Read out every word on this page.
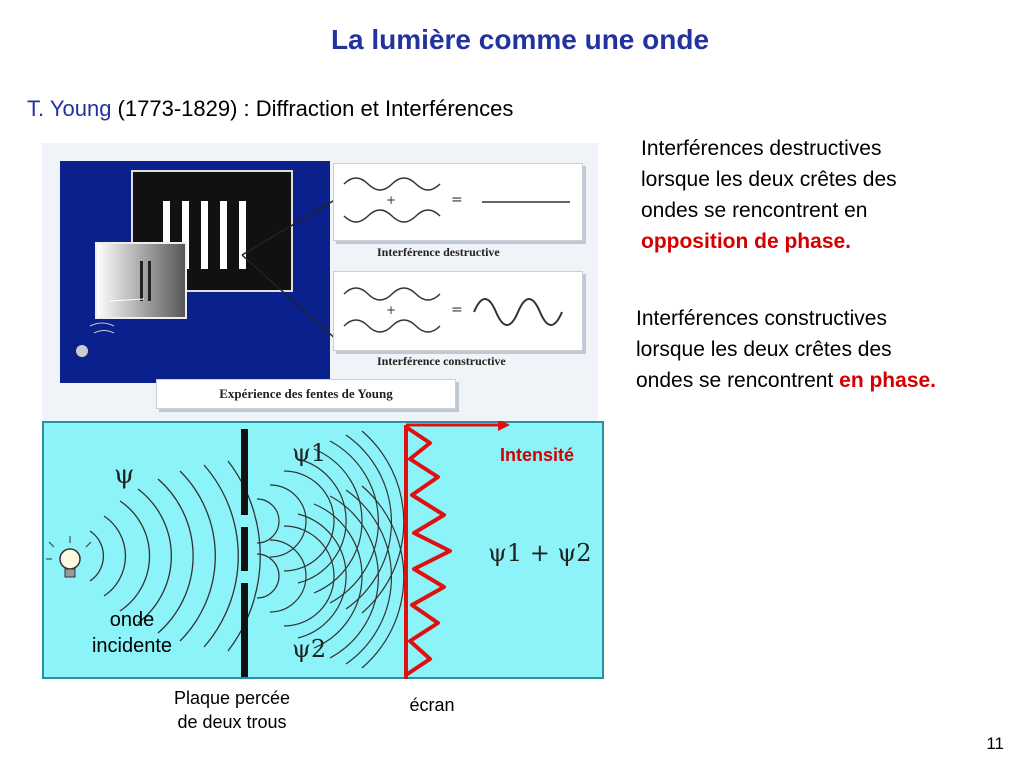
La lumière comme une onde
T. Young (1773-1829) : Diffraction et Interférences
Interférences destructives
lorsque les deux crêtes des
ondes se rencontrent en
opposition de phase.
Interférences constructives
lorsque les deux crêtes des
ondes se rencontrent en phase.
+	=
Interférence destructive
+	=
Interférence constructive
Expérience des fentes de Young
ψ
ψ1
ψ2
ψ1 + ψ2
Intensité
onde
incidente
Plaque percée
de deux trous
écran
11
